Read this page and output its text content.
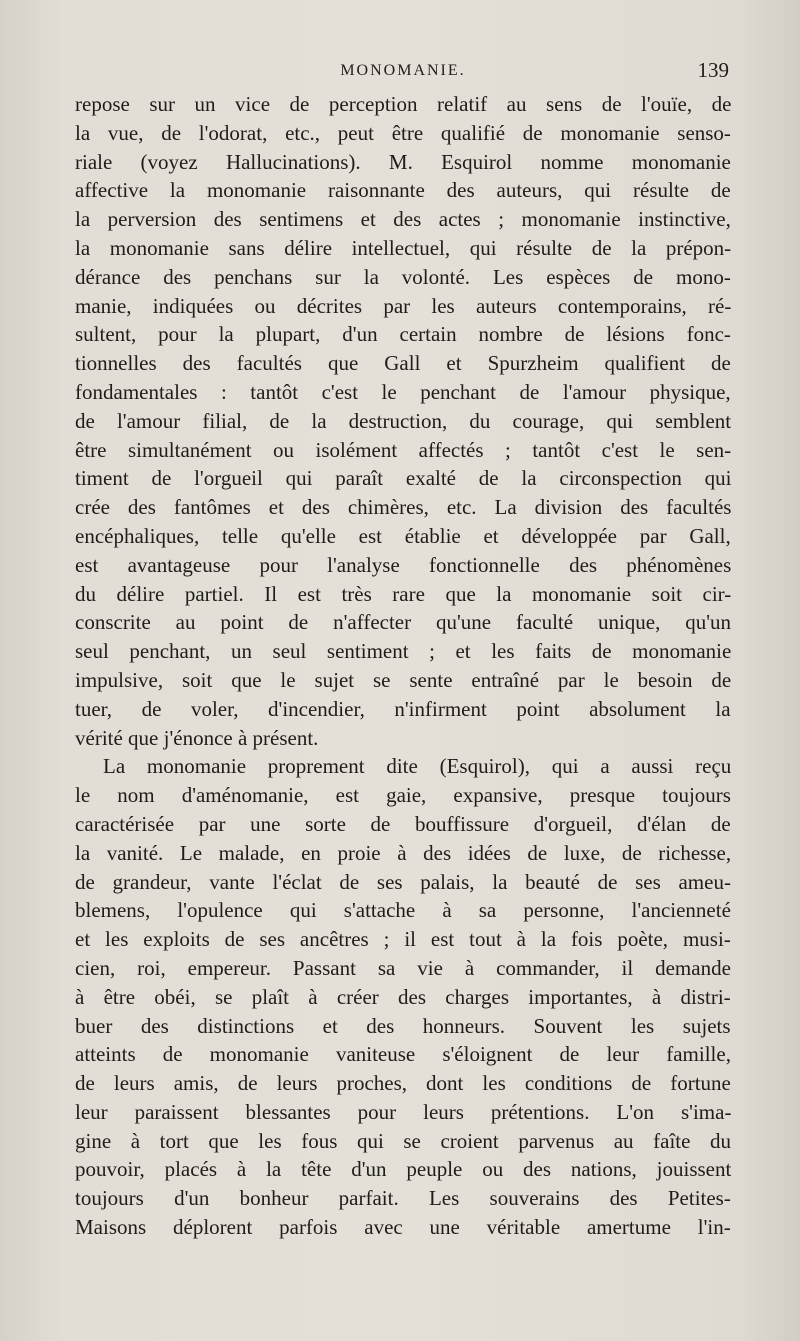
MONOMANIE.	139
repose sur un vice de perception relatif au sens de l'ouïe, de
la vue, de l'odorat, etc., peut être qualifié de monomanie senso-
riale (voyez Hallucinations). M. Esquirol nomme monomanie
affective la monomanie raisonnante des auteurs, qui résulte de
la perversion des sentimens et des actes ; monomanie instinctive,
la monomanie sans délire intellectuel, qui résulte de la prépon-
dérance des penchans sur la volonté. Les espèces de mono-
manie, indiquées ou décrites par les auteurs contemporains, ré-
sultent, pour la plupart, d'un certain nombre de lésions fonc-
tionnelles des facultés que Gall et Spurzheim qualifient de
fondamentales : tantôt c'est le penchant de l'amour physique,
de l'amour filial, de la destruction, du courage, qui semblent
être simultanément ou isolément affectés ; tantôt c'est le sen-
timent de l'orgueil qui paraît exalté de la circonspection qui
crée des fantômes et des chimères, etc. La division des facultés
encéphaliques, telle qu'elle est établie et développée par Gall,
est avantageuse pour l'analyse fonctionnelle des phénomènes
du délire partiel. Il est très rare que la monomanie soit cir-
conscrite au point de n'affecter qu'une faculté unique, qu'un
seul penchant, un seul sentiment ; et les faits de monomanie
impulsive, soit que le sujet se sente entraîné par le besoin de
tuer, de voler, d'incendier, n'infirment point absolument la
vérité que j'énonce à présent.
La monomanie proprement dite (Esquirol), qui a aussi reçu
le nom d'aménomanie, est gaie, expansive, presque toujours
caractérisée par une sorte de bouffissure d'orgueil, d'élan de
la vanité. Le malade, en proie à des idées de luxe, de richesse,
de grandeur, vante l'éclat de ses palais, la beauté de ses ameu-
blemens, l'opulence qui s'attache à sa personne, l'ancienneté
et les exploits de ses ancêtres ; il est tout à la fois poète, musi-
cien, roi, empereur. Passant sa vie à commander, il demande
à être obéi, se plaît à créer des charges importantes, à distri-
buer des distinctions et des honneurs. Souvent les sujets
atteints de monomanie vaniteuse s'éloignent de leur famille,
de leurs amis, de leurs proches, dont les conditions de fortune
leur paraissent blessantes pour leurs prétentions. L'on s'ima-
gine à tort que les fous qui se croient parvenus au faîte du
pouvoir, placés à la tête d'un peuple ou des nations, jouissent
toujours d'un bonheur parfait. Les souverains des Petites-
Maisons déplorent parfois avec une véritable amertume l'in-
